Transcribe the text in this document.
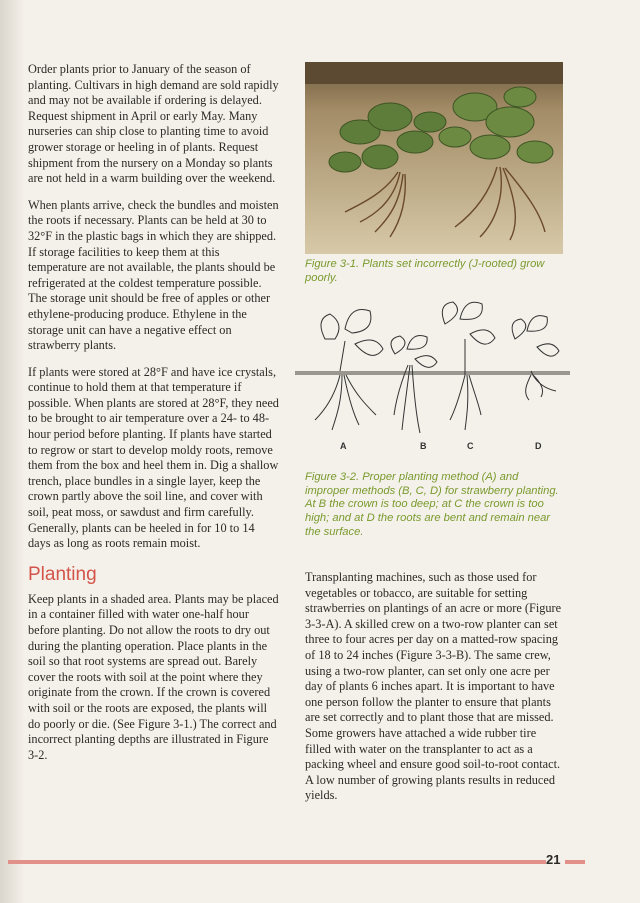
Order plants prior to January of the season of planting. Cultivars in high demand are sold rapidly and may not be available if ordering is delayed. Request shipment in April or early May. Many nurseries can ship close to planting time to avoid grower storage or heeling in of plants. Request shipment from the nursery on a Monday so plants are not held in a warm building over the weekend.

When plants arrive, check the bundles and moisten the roots if necessary. Plants can be held at 30 to 32°F in the plastic bags in which they are shipped. If storage facilities to keep them at this temperature are not available, the plants should be refrigerated at the coldest temperature possible. The storage unit should be free of apples or other ethylene-producing produce. Ethylene in the storage unit can have a negative effect on strawberry plants.

If plants were stored at 28°F and have ice crystals, continue to hold them at that temperature if possible. When plants are stored at 28°F, they need to be brought to air temperature over a 24- to 48-hour period before planting. If plants have started to regrow or start to develop moldy roots, remove them from the box and heel them in. Dig a shallow trench, place bundles in a single layer, keep the crown partly above the soil line, and cover with soil, peat moss, or sawdust and firm carefully. Generally, plants can be heeled in for 10 to 14 days as long as roots remain moist.

Planting

Keep plants in a shaded area. Plants may be placed in a container filled with water one-half hour before planting. Do not allow the roots to dry out during the planting operation. Place plants in the soil so that root systems are spread out. Barely cover the roots with soil at the point where they originate from the crown. If the crown is covered with soil or the roots are exposed, the plants will do poorly or die. (See Figure 3-1.) The correct and incorrect planting depths are illustrated in Figure 3-2.

Figure 3-1. Plants set incorrectly (J-rooted) grow poorly.

A	B	C	D

Figure 3-2. Proper planting method (A) and improper methods (B, C, D) for strawberry planting. At B the crown is too deep; at C the crown is too high; and at D the roots are bent and remain near the surface.

Transplanting machines, such as those used for vegetables or tobacco, are suitable for setting strawberries on plantings of an acre or more (Figure 3-3-A). A skilled crew on a two-row planter can set three to four acres per day on a matted-row spacing of 18 to 24 inches (Figure 3-3-B). The same crew, using a two-row planter, can set only one acre per day of plants 6 inches apart. It is important to have one person follow the planter to ensure that plants are set correctly and to plant those that are missed. Some growers have attached a wide rubber tire filled with water on the transplanter to act as a packing wheel and ensure good soil-to-root contact. A low number of growing plants results in reduced yields.

21
